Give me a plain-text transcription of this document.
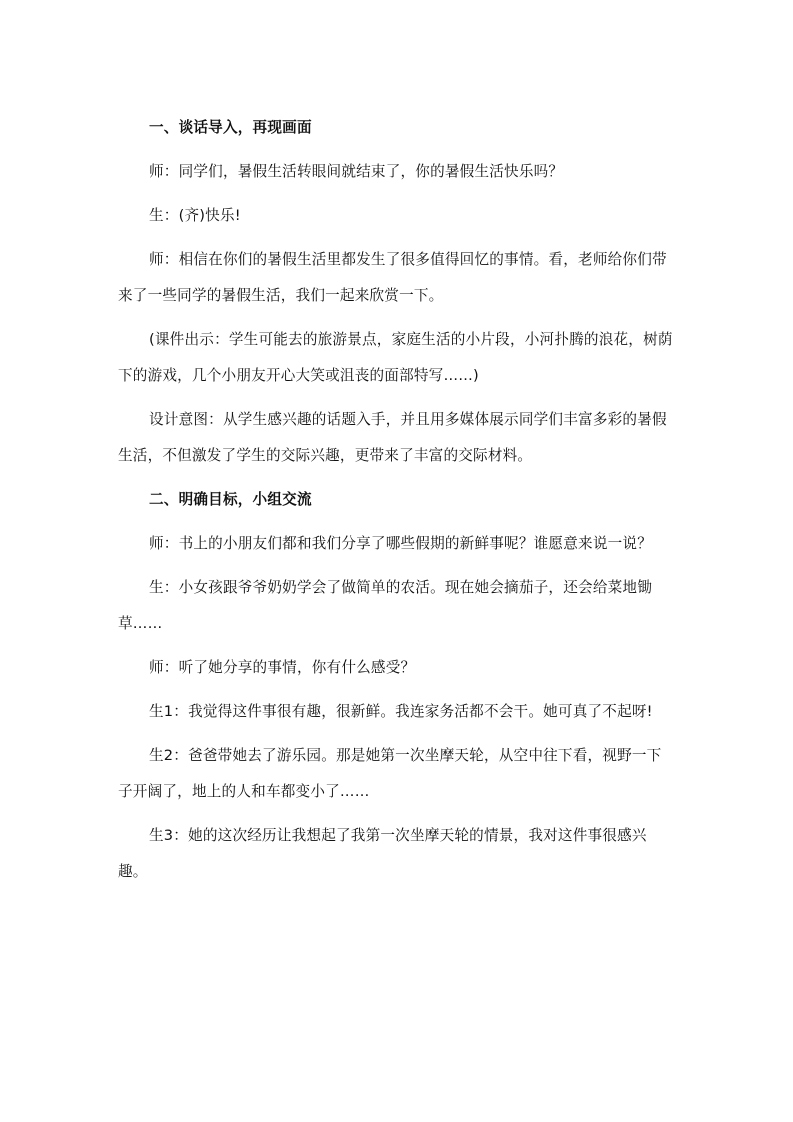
一、谈话导入，再现画面

师：同学们，暑假生活转眼间就结束了，你的暑假生活快乐吗？

生：(齐)快乐!

师：相信在你们的暑假生活里都发生了很多值得回忆的事情。看，老师给你们带来了一些同学的暑假生活，我们一起来欣赏一下。

(课件出示：学生可能去的旅游景点，家庭生活的小片段，小河扑腾的浪花，树荫下的游戏，几个小朋友开心大笑或沮丧的面部特写……)

设计意图：从学生感兴趣的话题入手，并且用多媒体展示同学们丰富多彩的暑假生活，不但激发了学生的交际兴趣，更带来了丰富的交际材料。

二、明确目标，小组交流

师：书上的小朋友们都和我们分享了哪些假期的新鲜事呢？谁愿意来说一说？

生：小女孩跟爷爷奶奶学会了做简单的农活。现在她会摘茄子，还会给菜地锄草……

师：听了她分享的事情，你有什么感受？

生1：我觉得这件事很有趣，很新鲜。我连家务活都不会干。她可真了不起呀!

生2：爸爸带她去了游乐园。那是她第一次坐摩天轮，从空中往下看，视野一下子开阔了，地上的人和车都变小了……

生3：她的这次经历让我想起了我第一次坐摩天轮的情景，我对这件事很感兴趣。
